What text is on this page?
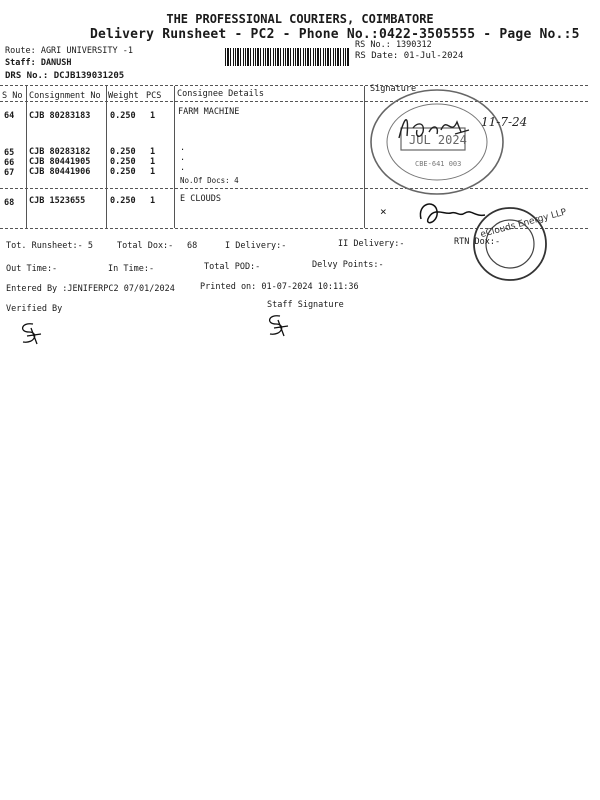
THE PROFESSIONAL COURIERS, COIMBATORE
Delivery Runsheet - PC2 - Phone No.:0422-3505555 - Page No.:5
Route: AGRI UNIVERSITY -1
Staff: DANUSH
DRS No.: DCJB139031205
RS No.: 1390312
RS Date: 01-Jul-2024
S No Consignment No Weight PCS Consignee Details	Signature
64 CJB 80283183 0.250 1	FARM MACHINE
65 CJB 80283182 0.250 1	.
66 CJB 80441905 0.250 1	.
67 CJB 80441906 0.250 1	.
No.Of Docs: 4
68 CJB 1523655	0.250 1	E CLOUDS
JUL 2024
CBE-641 003
11-7-24
×	eClouds Energy LLP
Tot. Runsheet:- 5	Total Dox:- 68	I Delivery:-	II Delivery:-	RTN Dox:-
Out Time:-	In Time:-	Total POD:-	Delvy Points:-
Entered By :JENIFERPC2 07/01/2024	Printed on: 01-07-2024 10:11:36
Verified By	Staff Signature
